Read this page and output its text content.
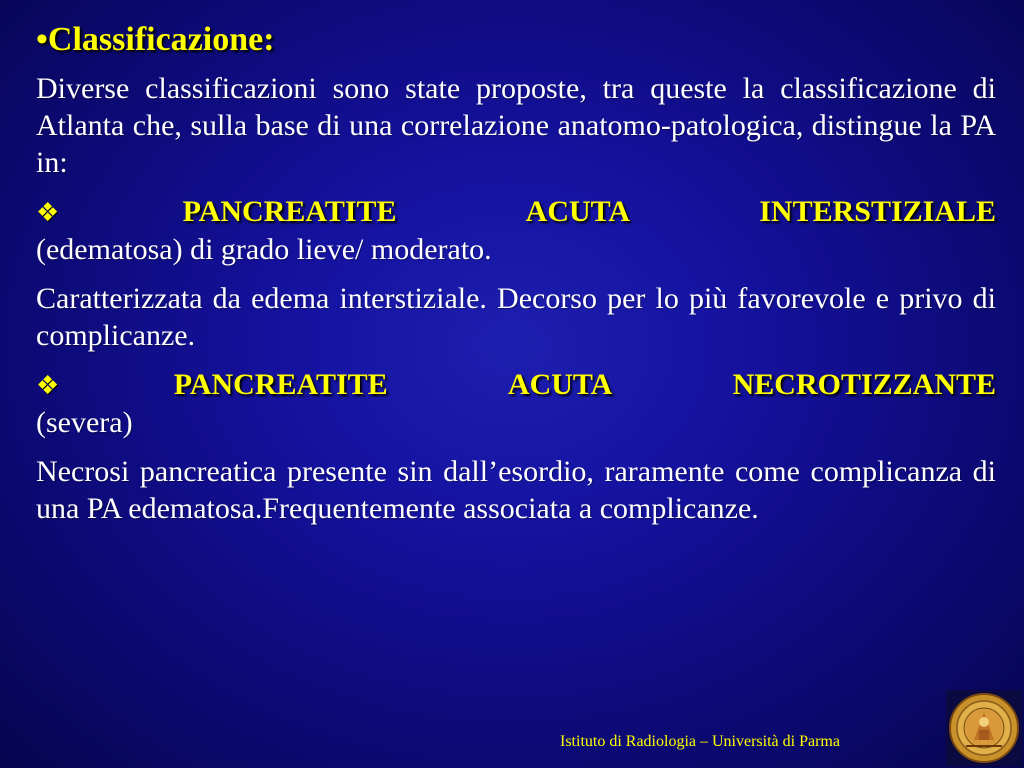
•Classificazione:

Diverse classificazioni sono state proposte, tra queste la classificazione di Atlanta che, sulla base di una correlazione anatomo-patologica, distingue la PA in:

❖PANCREATITE ACUTA INTERSTIZIALE
(edematosa) di grado lieve/ moderato.

Caratterizzata da edema interstiziale. Decorso per lo più favorevole e privo di complicanze.

❖PANCREATITE ACUTA NECROTIZZANTE
(severa)

Necrosi pancreatica presente sin dall’esordio, raramente come complicanza di una PA edematosa.Frequentemente associata a complicanze.

Istituto di Radiologia – Università di Parma
